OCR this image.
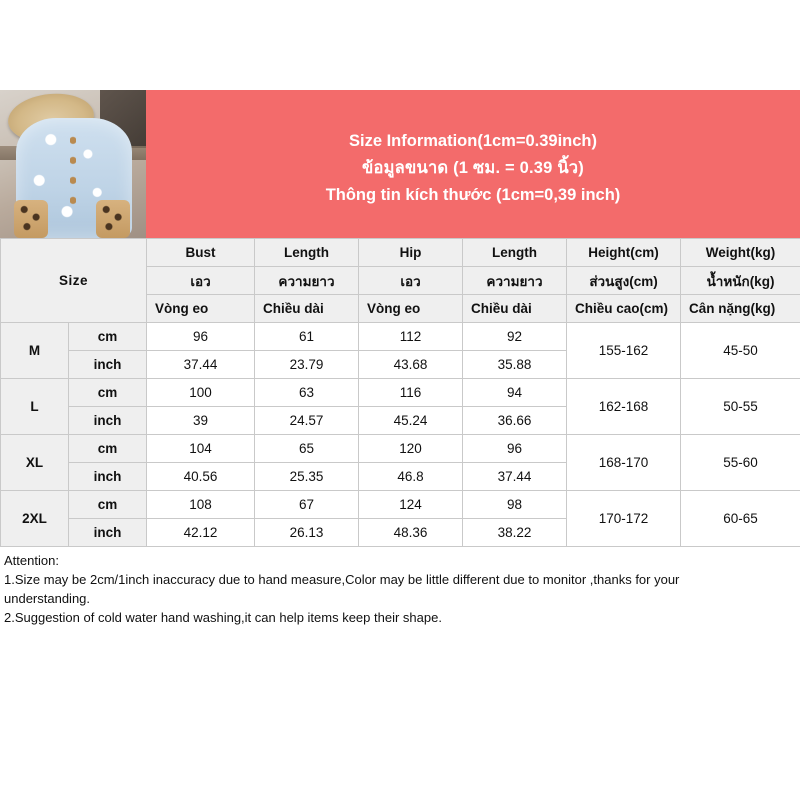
Size Information(1cm=0.39inch)
ข้อมูลขนาด (1 ซม. = 0.39 นิ้ว)
Thông tin kích thước (1cm=0,39 inch)
Size		Bust	Length	Hip	Length	Height(cm)	Weight(kg)
		เอว	ความยาว	เอว	ความยาว	ส่วนสูง(cm)	น้ำหนัก(kg)
		Vòng eo	Chiều dài	Vòng eo	Chiều dài	Chiều cao(cm)	Cân nặng(kg)
M	cm	96	61	112	92	155-162	45-50
	inch	37.44	23.79	43.68	35.88		
L	cm	100	63	116	94	162-168	50-55
	inch	39	24.57	45.24	36.66		
XL	cm	104	65	120	96	168-170	55-60
	inch	40.56	25.35	46.8	37.44		
2XL	cm	108	67	124	98	170-172	60-65
	inch	42.12	26.13	48.36	38.22		

Attention:

1.Size may be 2cm/1inch inaccuracy due to hand measure,Color may be little different due to monitor ,thanks for your

understanding.

2.Suggestion of cold water hand washing,it can help items keep their shape.
